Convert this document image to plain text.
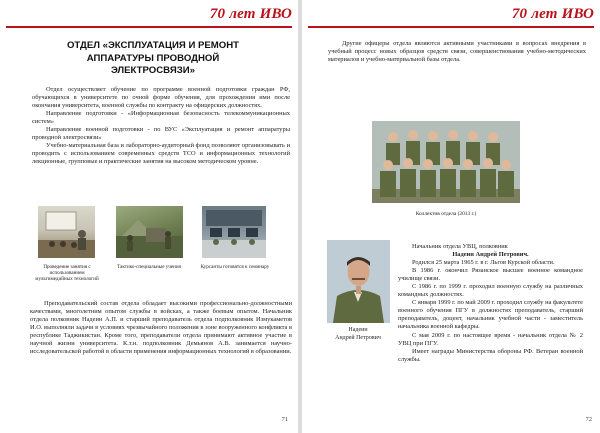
70 лет ИВО
ОТДЕЛ «ЭКСПЛУАТАЦИЯ И РЕМОНТ
АППАРАТУРЫ ПРОВОДНОЙ
ЭЛЕКТРОСВЯЗИ»

Отдел осуществляет обучение по программе военной подготовки граждан РФ, обучающихся в университете по очной форме обучения, для прохождения ими после окончания университета, военной службы по контракту на офицерских должностях.

Направление подготовки - «Информационная безопасность телекоммуникационных систем»

Направление военной подготовки - по ВУС «Эксплуатация и ремонт аппаратуры проводной электросвязи»

Учебно-материальная база и лабораторно-аудиторный фонд позволяют организовывать и проводить с использованием современных средств ТСО и информационных технологий лекционные, групповые и практические занятия на высоком методическом уровне.

Преподавательский состав отдела обладает высокими профессионально-должностными качествами, многолетним опытом службы в войсках, а также боевым опытом. Начальник отдела полковник Надеин А.П. и старший преподаватель отдела подполковник Измукаметов И.О. выполняли задачи в условиях чрезвычайного положения в зоне вооруженного конфликта в республике Таджикистан. Кроме того, преподаватели отдела принимают активное участие в научной жизни университета. К.т.н. подполковник Демьянов А.В. занимается научно-исследовательской работой в области применения информационных технологий в образовании.

71
Проведение занятия с использованием мультимедийных технологий
Тактико-специальные учения	Курсанты готовятся к семинару
70 лет ИВО
72

Другие офицеры отдела являются активными участниками в вопросах внедрения в учебный процесс новых образцов средств связи, совершенствования учебно-методических материалов и учебно-материальной базы отдела.

Коллектив отдела (2013 г.)
Надеин
Андрей Петрович

Начальник отдела УВЦ, полковник

Надеин Андрей Петрович.

Родился 25 марта 1965 г. в г. Льгов Курской области.

В 1986 г. окончил Рязанское высшее военное командное училище связи.

С 1986 г. по 1999 г. проходил военную службу на различных командных должностях.

С января 1999 г. по май 2009 г. проходил службу на факультете военного обучения ПГУ в должностях преподаватель, старший преподаватель, доцент, начальник учебной части - заместитель начальника военной кафедры.

С мая 2009 г. по настоящее время - начальник отдела № 2 УВЦ при ПГУ.

Имеет награды Министерства обороны РФ. Ветеран военной службы.
